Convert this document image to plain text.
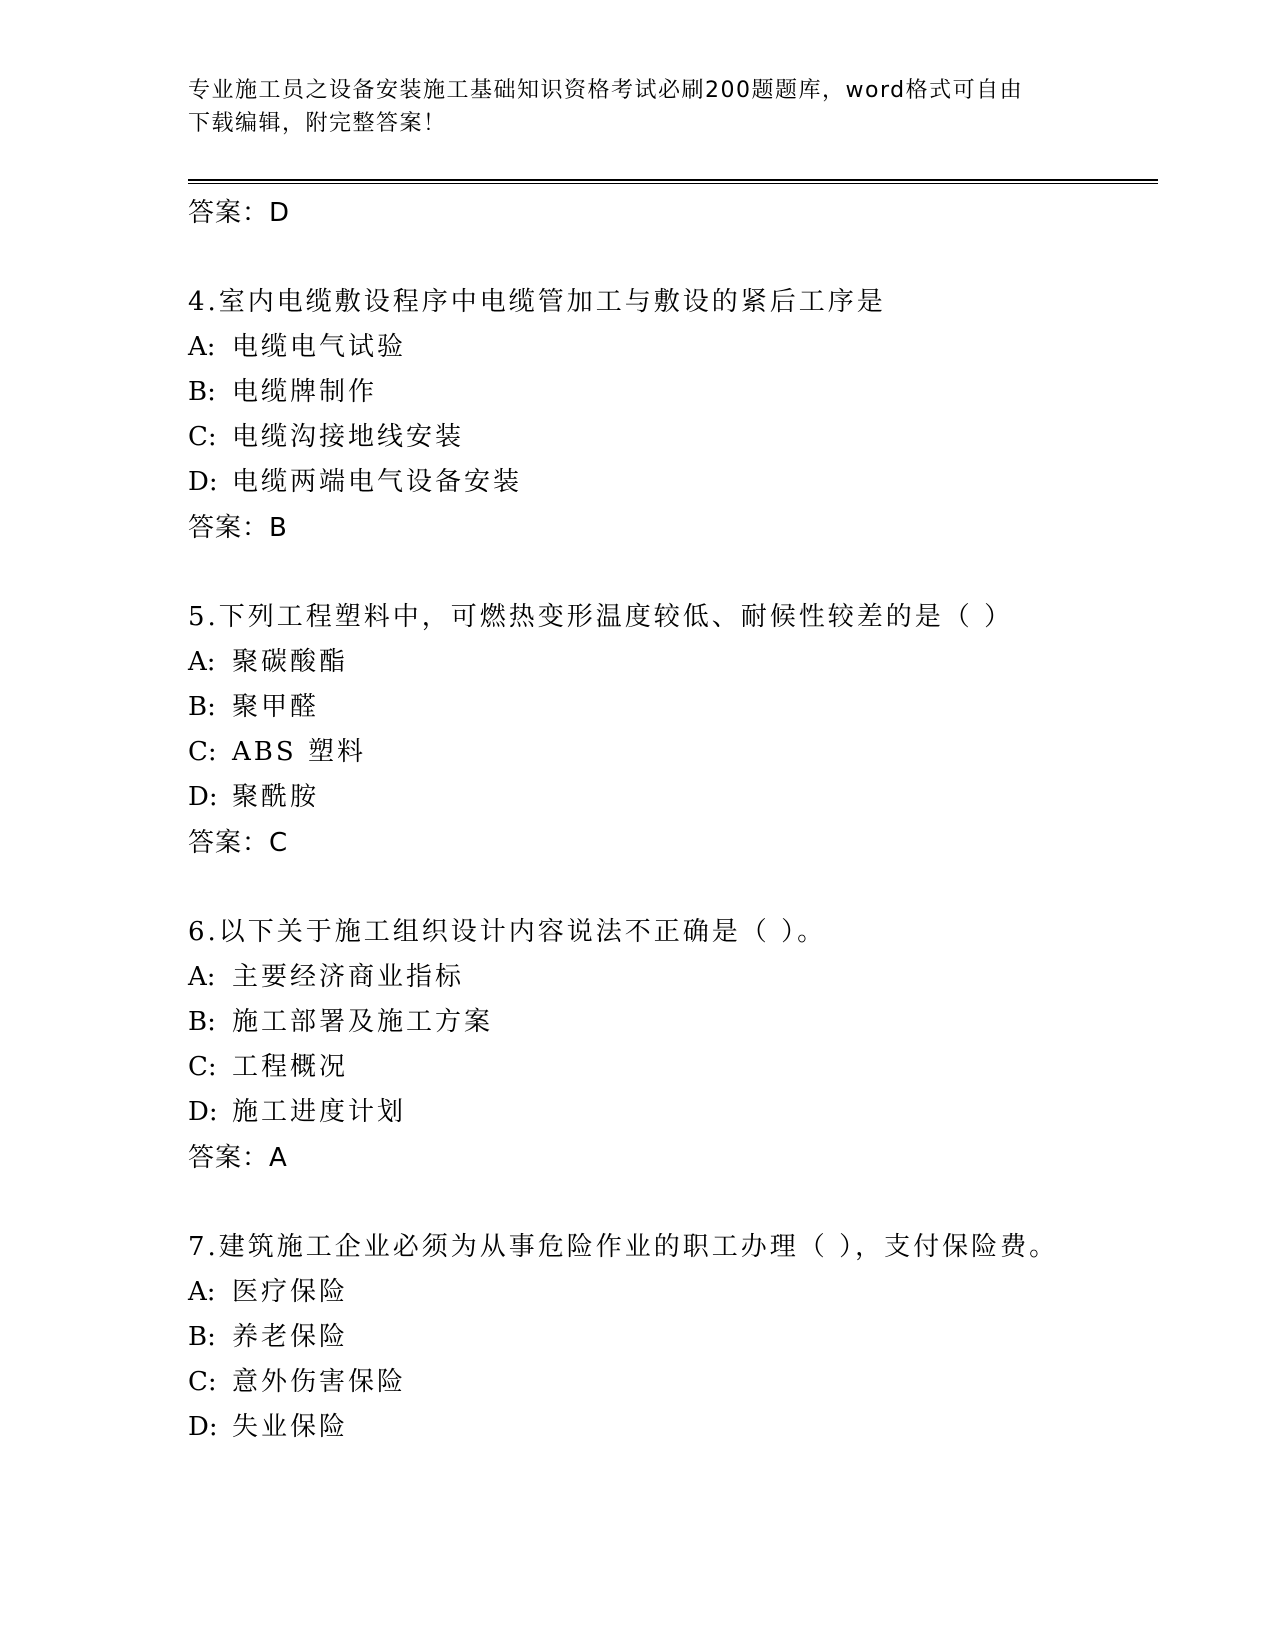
专业施工员之设备安装施工基础知识资格考试必刷200题题库，word格式可自由
下载编辑，附完整答案！
答案：D
4.室内电缆敷设程序中电缆管加工与敷设的紧后工序是
A: 电缆电气试验
B: 电缆牌制作
C: 电缆沟接地线安装
D: 电缆两端电气设备安装
答案：B
5.下列工程塑料中，可燃热变形温度较低、耐候性较差的是（ ）
A: 聚碳酸酯
B: 聚甲醛
C: ABS 塑料
D: 聚酰胺
答案：C
6.以下关于施工组织设计内容说法不正确是（ ）。
A: 主要经济商业指标
B: 施工部署及施工方案
C: 工程概况
D: 施工进度计划
答案：A
7.建筑施工企业必须为从事危险作业的职工办理（ ），支付保险费。
A: 医疗保险
B: 养老保险
C: 意外伤害保险
D: 失业保险
